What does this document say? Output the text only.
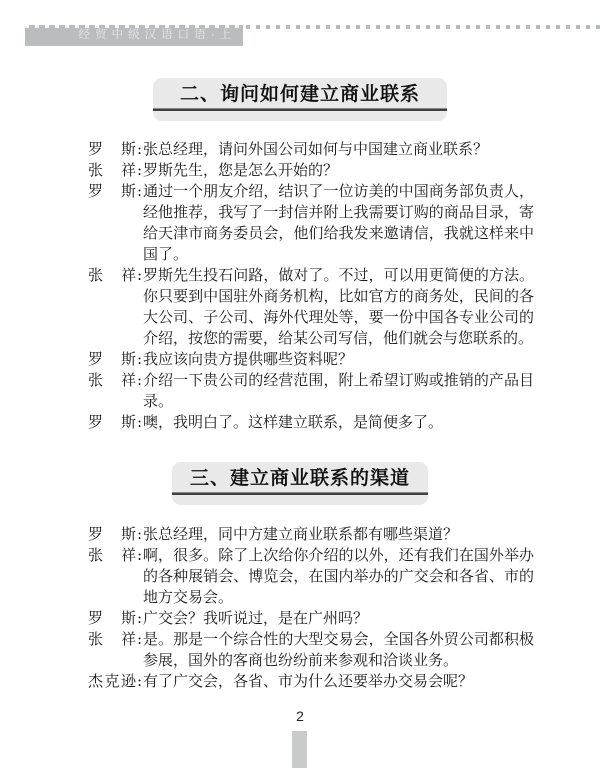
经贸中级汉语口语·上
二、询问如何建立商业联系
罗斯 : 张总经理，请问外国公司如何与中国建立商业联系？
张祥 : 罗斯先生，您是怎么开始的？
罗斯 : 通过一个朋友介绍，结识了一位访美的中国商务部负责人，经他推荐，我写了一封信并附上我需要订购的商品目录，寄给天津市商务委员会，他们给我发来邀请信，我就这样来中国了。
张祥 : 罗斯先生投石问路，做对了。不过，可以用更简便的方法。你只要到中国驻外商务机构，比如官方的商务处，民间的各大公司、子公司、海外代理处等，要一份中国各专业公司的介绍，按您的需要，给某公司写信，他们就会与您联系的。
罗斯 : 我应该向贵方提供哪些资料呢？
张祥 : 介绍一下贵公司的经营范围，附上希望订购或推销的产品目录。
罗斯 : 噢，我明白了。这样建立联系，是简便多了。
三、建立商业联系的渠道
罗斯 : 张总经理，同中方建立商业联系都有哪些渠道？
张祥 : 啊，很多。除了上次给你介绍的以外，还有我们在国外举办的各种展销会、博览会，在国内举办的广交会和各省、市的地方交易会。
罗斯 : 广交会？我听说过，是在广州吗？
张祥 : 是。那是一个综合性的大型交易会，全国各外贸公司都积极参展，国外的客商也纷纷前来参观和洽谈业务。
杰克逊 : 有了广交会，各省、市为什么还要举办交易会呢？
2
